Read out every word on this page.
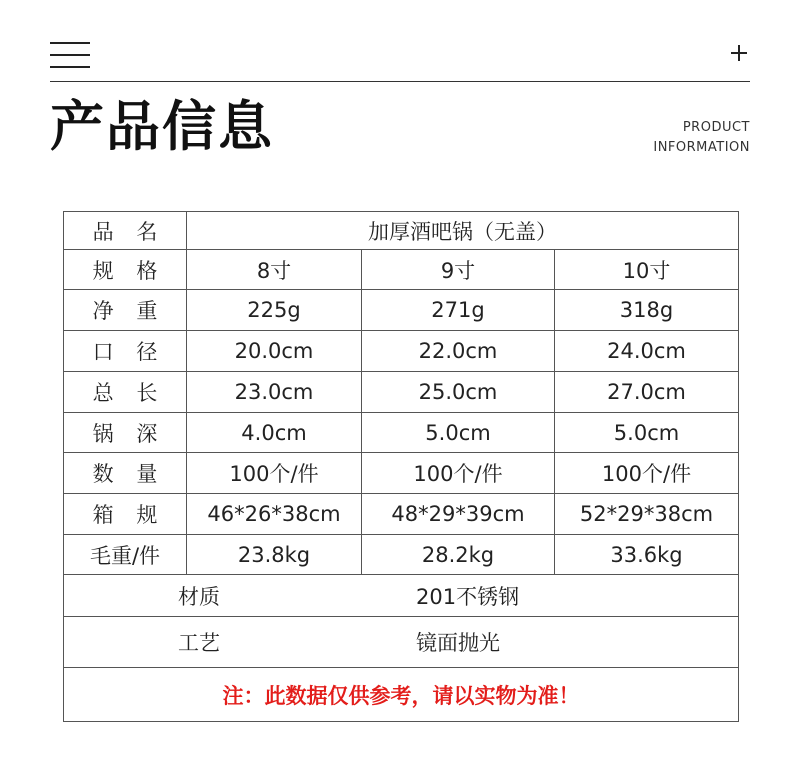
产品信息	PRODUCT
INFORMATION
品 名	加厚酒吧锅（无盖）		
规 格	8寸	9寸	10寸
净 重	225g	271g	318g
口 径	20.0cm	22.0cm	24.0cm
总 长	23.0cm	25.0cm	27.0cm
锅 深	4.0cm	5.0cm	5.0cm
数 量	100个/件	100个/件	100个/件
箱 规	46*26*38cm	48*29*39cm	52*29*38cm
毛重/件	23.8kg	28.2kg	33.6kg

材质 201不锈钢			

工艺 镜面抛光			

注：此数据仅供参考，请以实物为准！			
